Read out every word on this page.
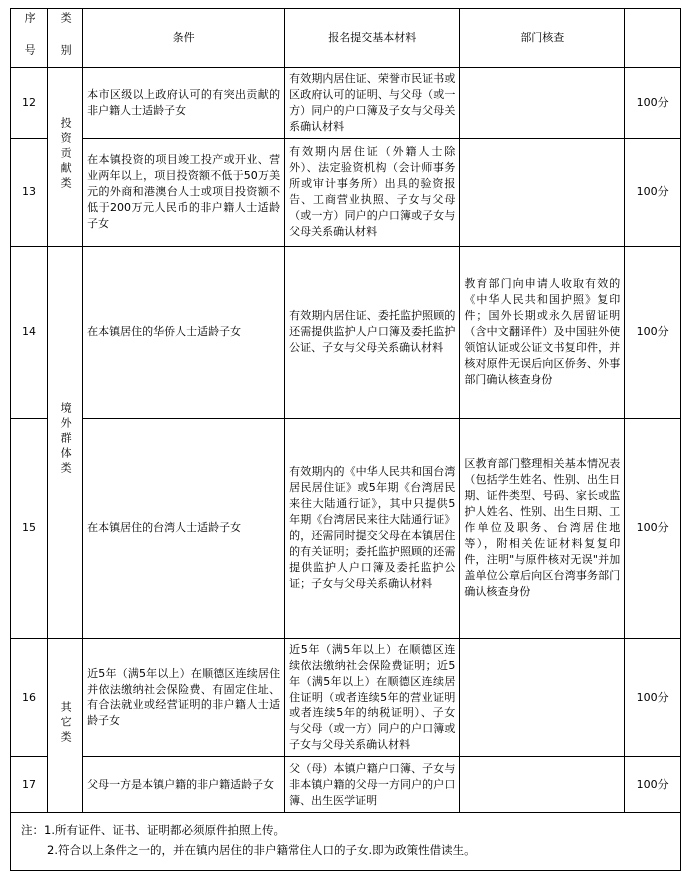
序 号	类 别	条件	报名提交基本材料	部门核查	
12	投资贡献类	本市区级以上政府认可的有突出贡献的非户籍人士适龄子女	有效期内居住证、荣誉市民证书或区政府认可的证明、与父母（或一方）同户的户口簿及子女与父母关系确认材料		100分
13		在本镇投资的项目竣工投产或开业、营业两年以上，项目投资额不低于50万美元的外商和港澳台人士或项目投资额不低于200万元人民币的非户籍人士适龄子女	有效期内居住证（外籍人士除外）、法定验资机构（会计师事务所或审计事务所）出具的验资报告、工商营业执照、子女与父母（或一方）同户的户口簿或子女与父母关系确认材料		100分
14	境外群体类	在本镇居住的华侨人士适龄子女	有效期内居住证、委托监护照顾的还需提供监护人户口簿及委托监护公证、子女与父母关系确认材料	教育部门向申请人收取有效的《中华人民共和国护照》复印件；国外长期或永久居留证明（含中文翻译件）及中国驻外使领馆认证或公证文书复印件，并核对原件无误后向区侨务、外事部门确认核查身份	100分
15		在本镇居住的台湾人士适龄子女	有效期内的《中华人民共和国台湾居民居住证》或5年期《台湾居民来往大陆通行证》，其中只提供5年期《台湾居民来往大陆通行证》的，还需同时提交父母在本镇居住的有关证明；委托监护照顾的还需提供监护人户口簿及委托监护公证；子女与父母关系确认材料	区教育部门整理相关基本情况表（包括学生姓名、性别、出生日期、证件类型、号码、家长或监护人姓名、性别、出生日期、工作单位及职务、台湾居住地等），附相关佐证材料复复印件，注明"与原件核对无误"并加盖单位公章后向区台湾事务部门确认核查身份	100分
16	其它类	近5年（满5年以上）在顺德区连续居住并依法缴纳社会保险费、有固定住址、有合法就业或经营证明的非户籍人士适龄子女	近5年（满5年以上）在顺德区连续依法缴纳社会保险费证明；近5年（满5年以上）在顺德区连续居住证明（或者连续5年的营业证明或者连续5年的纳税证明）、子女与父母（或一方）同户的户口簿或子女与父母关系确认材料		100分
17		父母一方是本镇户籍的非户籍适龄子女	父（母）本镇户籍户口簿、子女与非本镇户籍的父母一方同户的户口簿、出生医学证明		100分
注：1.所有证件、证书、证明都必须原件拍照上传。
2.符合以上条件之一的，并在镇内居住的非户籍常住人口的子女.即为政策性借读生。
